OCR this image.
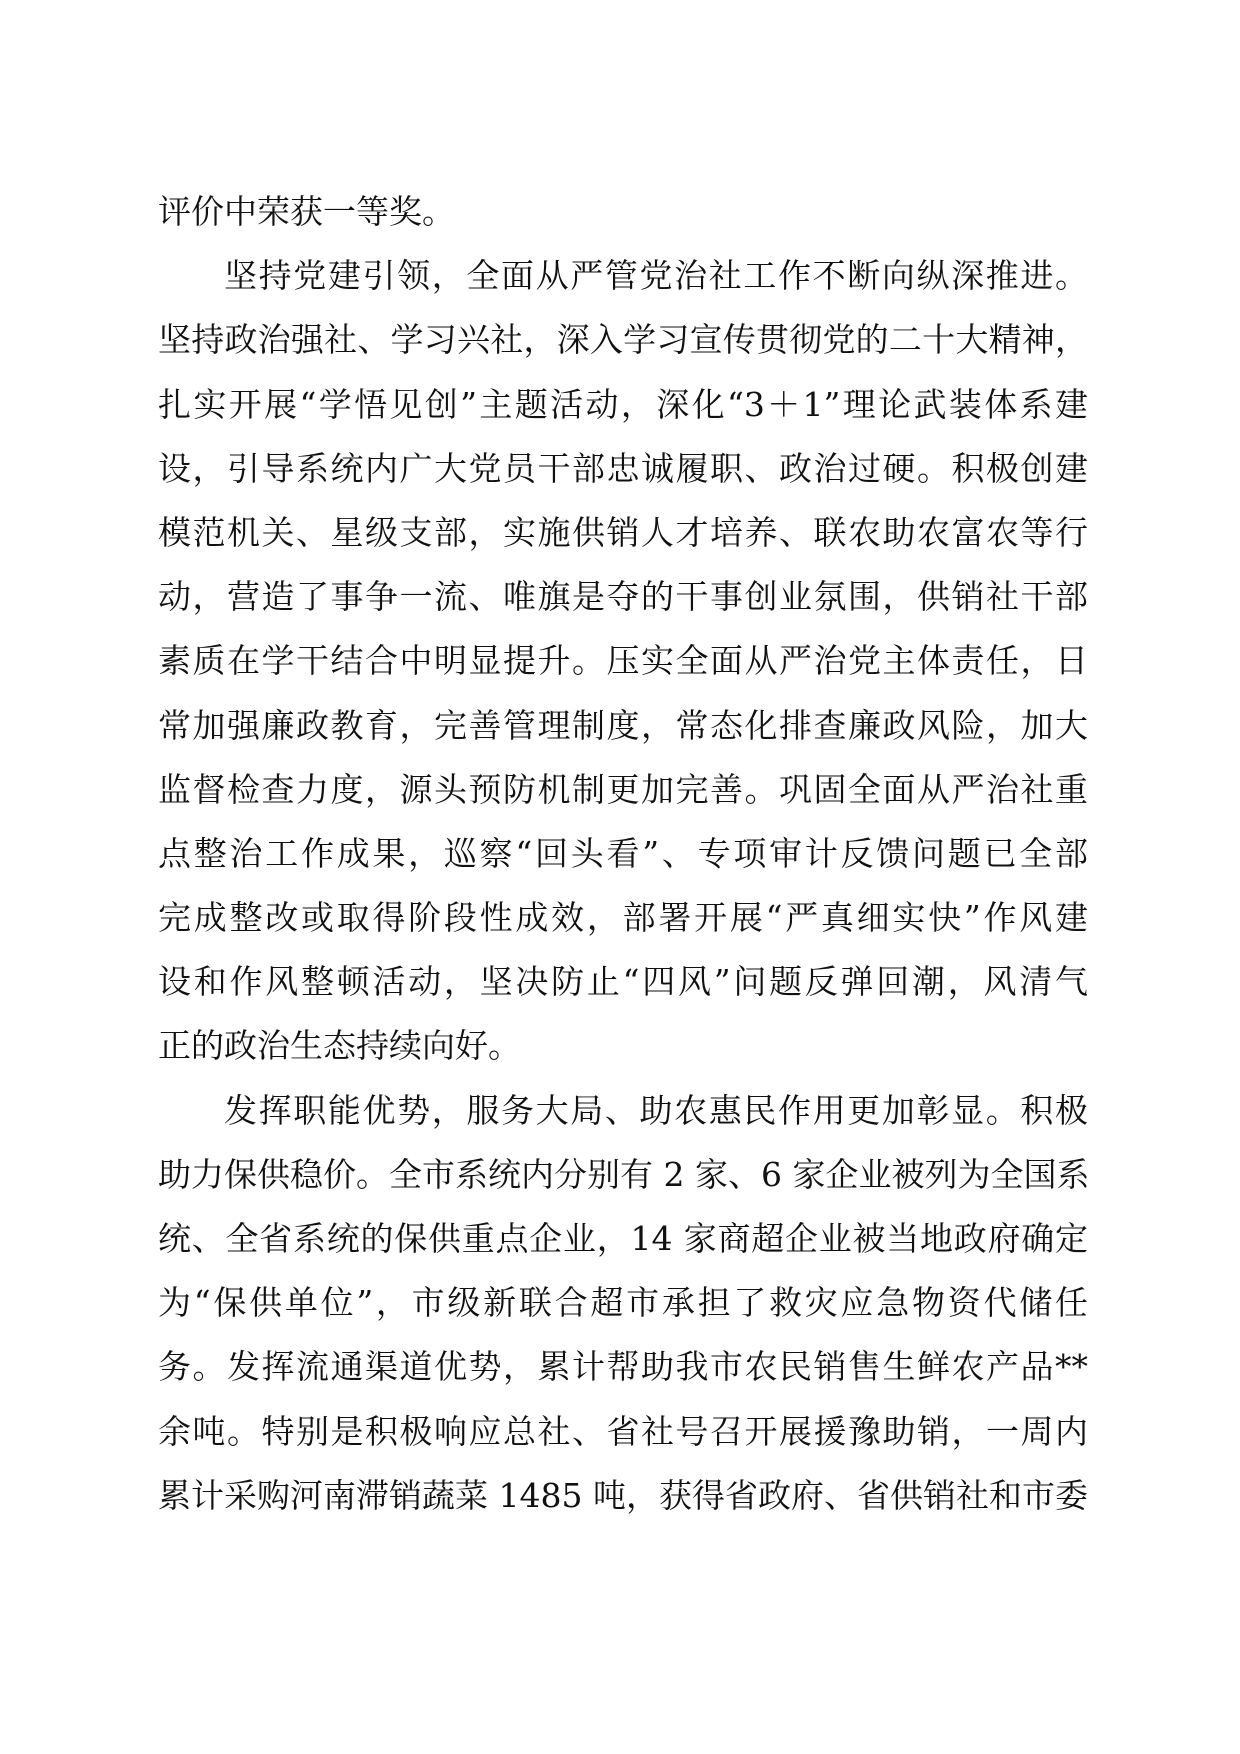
评价中荣获一等奖。
坚持党建引领，全面从严管党治社工作不断向纵深推进。
坚持政治强社、学习兴社，深入学习宣传贯彻党的二十大精神，
扎实开展“学悟见创”主题活动，深化“3＋1”理论武装体系建
设，引导系统内广大党员干部忠诚履职、政治过硬。积极创建
模范机关、星级支部，实施供销人才培养、联农助农富农等行
动，营造了事争一流、唯旗是夺的干事创业氛围，供销社干部
素质在学干结合中明显提升。压实全面从严治党主体责任，日
常加强廉政教育，完善管理制度，常态化排查廉政风险，加大
监督检查力度，源头预防机制更加完善。巩固全面从严治社重
点整治工作成果，巡察“回头看”、专项审计反馈问题已全部
完成整改或取得阶段性成效，部署开展“严真细实快”作风建
设和作风整顿活动，坚决防止“四风”问题反弹回潮，风清气
正的政治生态持续向好。
发挥职能优势，服务大局、助农惠民作用更加彰显。积极
助力保供稳价。全市系统内分别有 2 家、6 家企业被列为全国系
统、全省系统的保供重点企业，14 家商超企业被当地政府确定
为“保供单位”，市级新联合超市承担了救灾应急物资代储任
务。发挥流通渠道优势，累计帮助我市农民销售生鲜农产品**
余吨。特别是积极响应总社、省社号召开展援豫助销，一周内
累计采购河南滞销蔬菜 1485 吨，获得省政府、省供销社和市委
